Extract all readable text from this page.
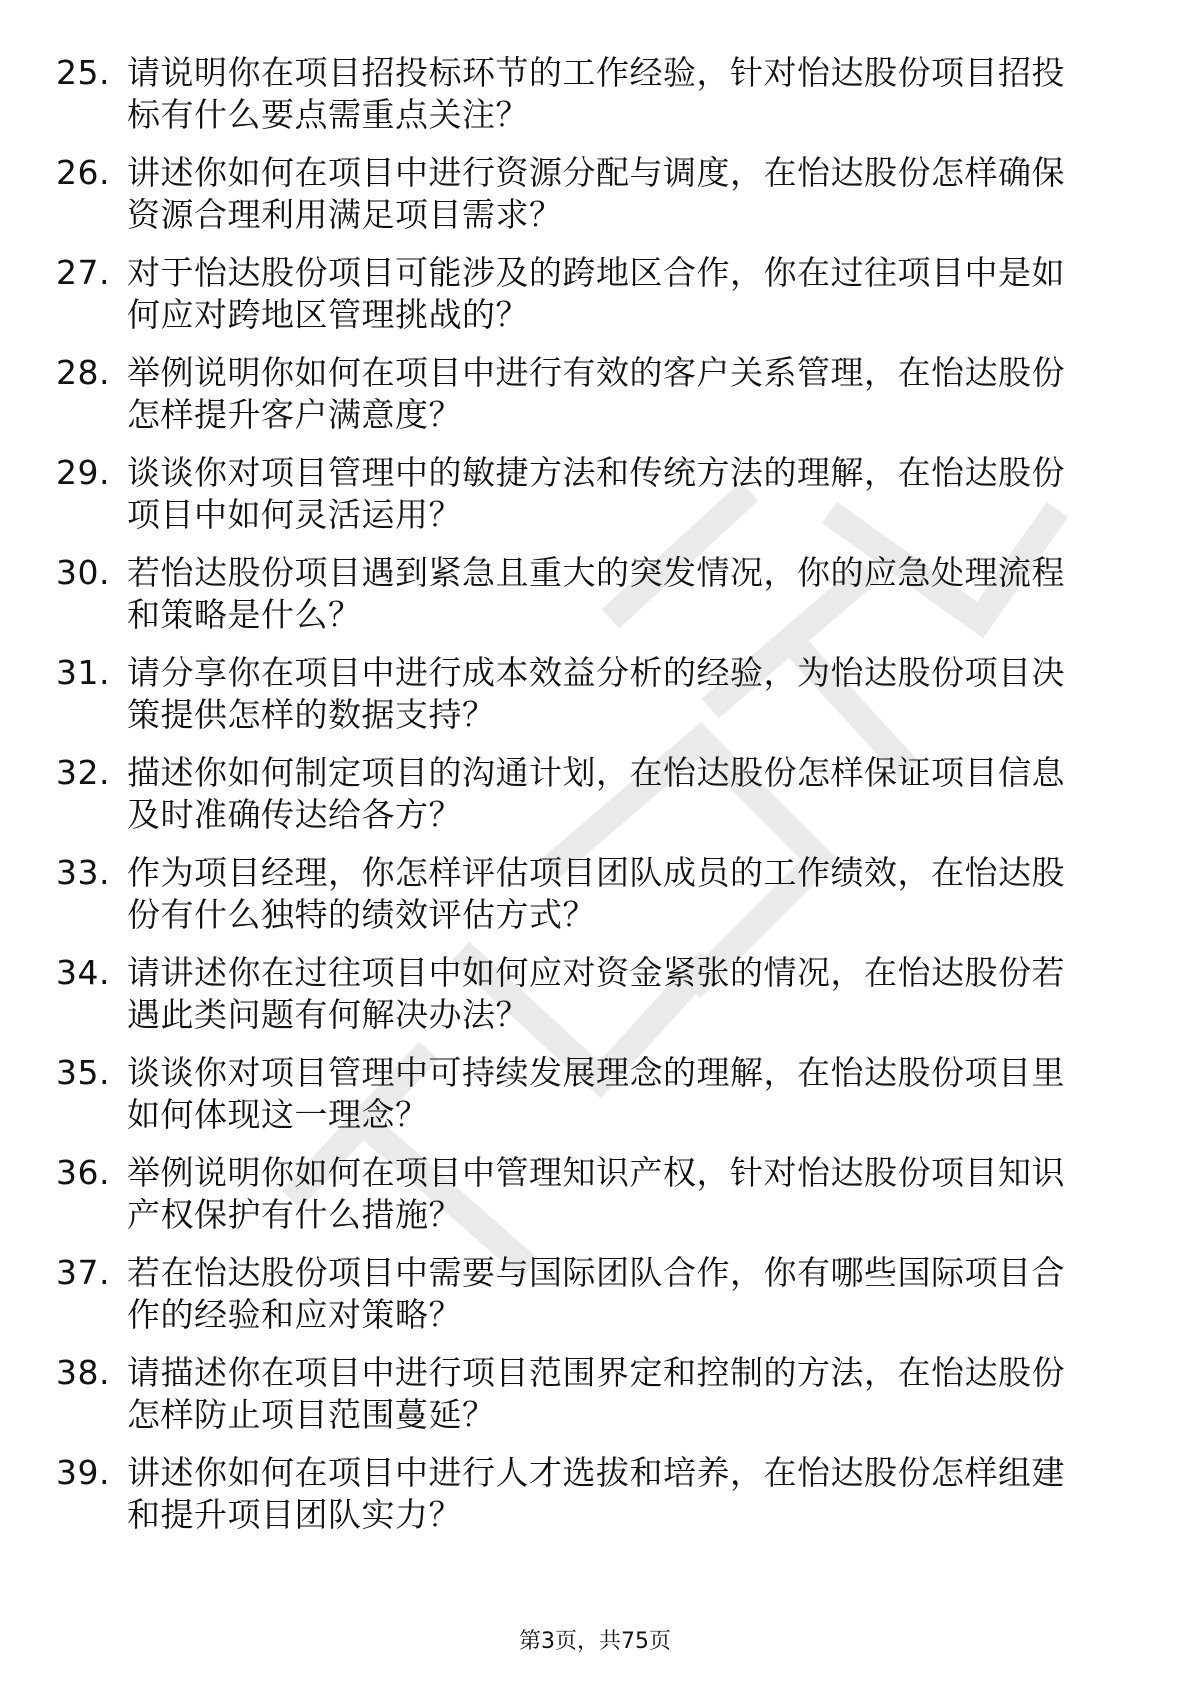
25. 请说明你在项目招投标环节的工作经验，针对怡达股份项目招投
标有什么要点需重点关注？
26. 讲述你如何在项目中进行资源分配与调度，在怡达股份怎样确保
资源合理利用满足项目需求？
27. 对于怡达股份项目可能涉及的跨地区合作，你在过往项目中是如
何应对跨地区管理挑战的？
28. 举例说明你如何在项目中进行有效的客户关系管理，在怡达股份
怎样提升客户满意度？
29. 谈谈你对项目管理中的敏捷方法和传统方法的理解，在怡达股份
项目中如何灵活运用？
30. 若怡达股份项目遇到紧急且重大的突发情况，你的应急处理流程
和策略是什么？
31. 请分享你在项目中进行成本效益分析的经验，为怡达股份项目决
策提供怎样的数据支持？
32. 描述你如何制定项目的沟通计划，在怡达股份怎样保证项目信息
及时准确传达给各方？
33. 作为项目经理，你怎样评估项目团队成员的工作绩效，在怡达股
份有什么独特的绩效评估方式？
34. 请讲述你在过往项目中如何应对资金紧张的情况，在怡达股份若
遇此类问题有何解决办法？
35. 谈谈你对项目管理中可持续发展理念的理解，在怡达股份项目里
如何体现这一理念？
36. 举例说明你如何在项目中管理知识产权，针对怡达股份项目知识
产权保护有什么措施？
37. 若在怡达股份项目中需要与国际团队合作，你有哪些国际项目合
作的经验和应对策略？
38. 请描述你在项目中进行项目范围界定和控制的方法，在怡达股份
怎样防止项目范围蔓延？
39. 讲述你如何在项目中进行人才选拔和培养，在怡达股份怎样组建
和提升项目团队实力？
第3页，共75页
